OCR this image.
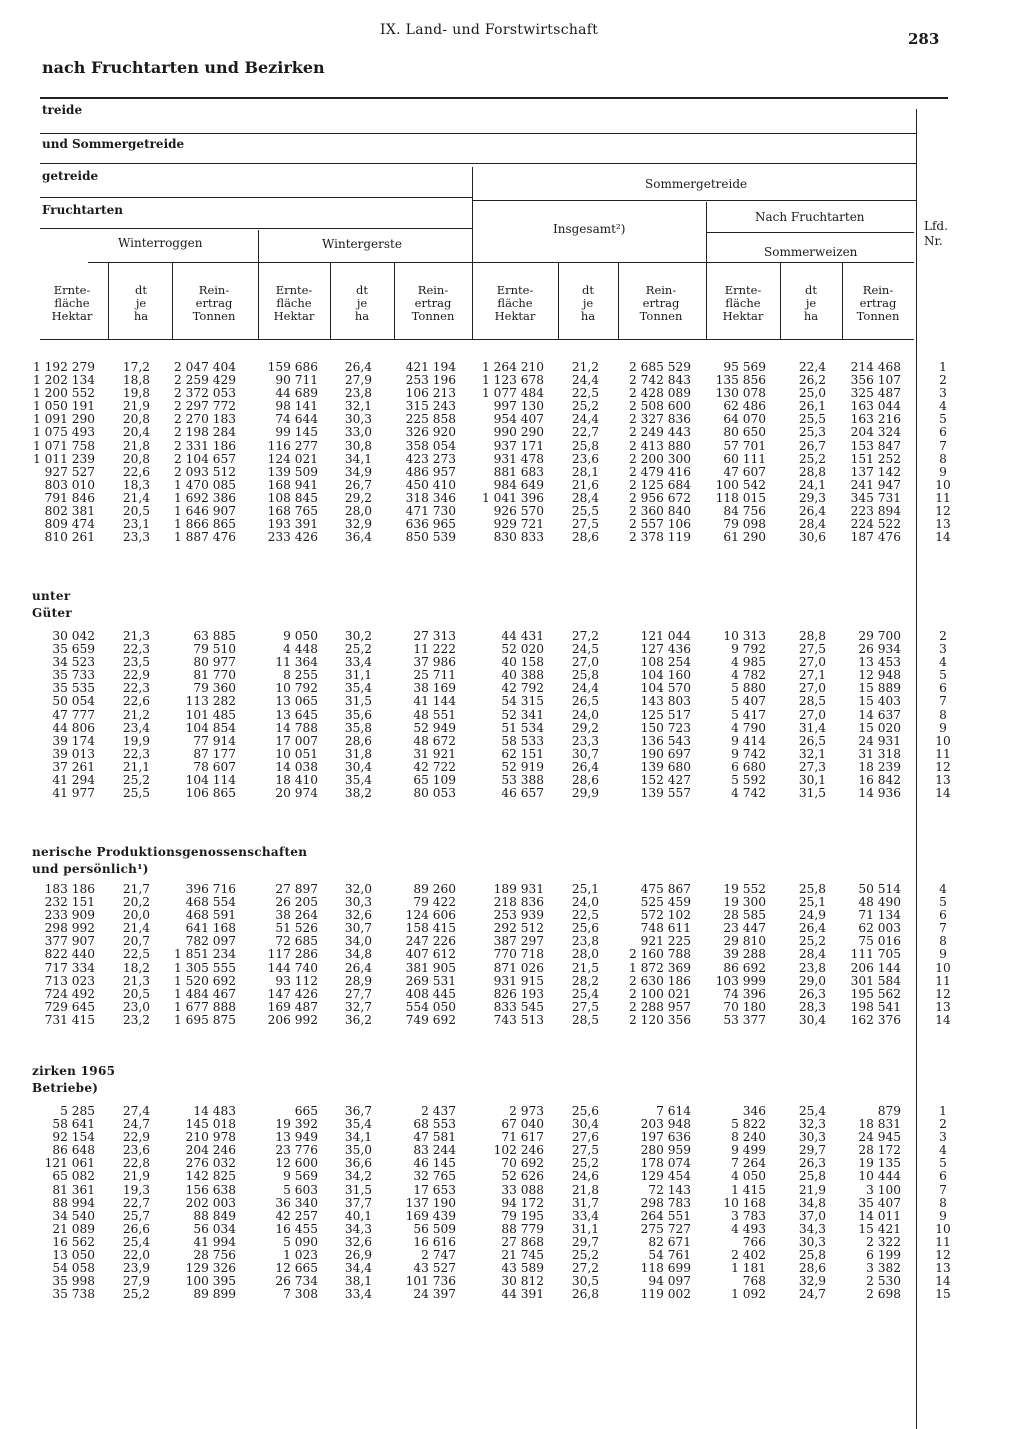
IX. Land- und Forstwirtschaft	283
nach Fruchtarten und Bezirken
treide
und Sommergetreide
getreide
Fruchtarten
Sommergetreide
Insgesamt²)
Nach Fruchtarten
Sommerweizen
Winterroggen	Wintergerste
Lfd. Nr.
Ernte-
fläche
Hektar
dt
je
ha
Rein-
ertrag
Tonnen
Ernte-
fläche
Hektar
dt
je
ha
Rein-
ertrag
Tonnen
Ernte-
fläche
Hektar
dt
je
ha
Rein-
ertrag
Tonnen
Ernte-
fläche
Hektar
dt
je
ha
Rein-
ertrag
Tonnen
1 192 279
1 202 134
1 200 552
1 050 191
1 091 290
1 075 493
1 071 758
1 011 239
927 527
803 010
791 846
802 381
809 474
810 261
17,2
18,8
19,8
21,9
20,8
20,4
21,8
20,8
22,6
18,3
21,4
20,5
23,1
23,3
2 047 404
2 259 429
2 372 053
2 297 772
2 270 183
2 198 284
2 331 186
2 104 657
2 093 512
1 470 085
1 692 386
1 646 907
1 866 865
1 887 476
159 686
90 711
44 689
98 141
74 644
99 145
116 277
124 021
139 509
168 941
108 845
168 765
193 391
233 426
26,4
27,9
23,8
32,1
30,3
33,0
30,8
34,1
34,9
26,7
29,2
28,0
32,9
36,4
421 194
253 196
106 213
315 243
225 858
326 920
358 054
423 273
486 957
450 410
318 346
471 730
636 965
850 539
1 264 210
1 123 678
1 077 484
997 130
954 407
990 290
937 171
931 478
881 683
984 649
1 041 396
926 570
929 721
830 833
21,2
24,4
22,5
25,2
24,4
22,7
25,8
23,6
28,1
21,6
28,4
25,5
27,5
28,6
2 685 529
2 742 843
2 428 089
2 508 600
2 327 836
2 249 443
2 413 880
2 200 300
2 479 416
2 125 684
2 956 672
2 360 840
2 557 106
2 378 119
95 569
135 856
130 078
62 486
64 070
80 650
57 701
60 111
47 607
100 542
118 015
84 756
79 098
61 290
22,4
26,2
25,0
26,1
25,5
25,3
26,7
25,2
28,8
24,1
29,3
26,4
28,4
30,6
214 468
356 107
325 487
163 044
163 216
204 324
153 847
151 252
137 142
241 947
345 731
223 894
224 522
187 476
1
2
3
4
5
6
7
8
9
10
11
12
13
14
unter
Güter
30 042
35 659
34 523
35 733
35 535
50 054
47 777
44 806
39 174
39 013
37 261
41 294
41 977
21,3
22,3
23,5
22,9
22,3
22,6
21,2
23,4
19,9
22,3
21,1
25,2
25,5
63 885
79 510
80 977
81 770
79 360
113 282
101 485
104 854
77 914
87 177
78 607
104 114
106 865
9 050
4 448
11 364
8 255
10 792
13 065
13 645
14 788
17 007
10 051
14 038
18 410
20 974
30,2
25,2
33,4
31,1
35,4
31,5
35,6
35,8
28,6
31,8
30,4
35,4
38,2
27 313
11 222
37 986
25 711
38 169
41 144
48 551
52 949
48 672
31 921
42 722
65 109
80 053
44 431
52 020
40 158
40 388
42 792
54 315
52 341
51 534
58 533
62 151
52 919
53 388
46 657
27,2
24,5
27,0
25,8
24,4
26,5
24,0
29,2
23,3
30,7
26,4
28,6
29,9
121 044
127 436
108 254
104 160
104 570
143 803
125 517
150 723
136 543
190 697
139 680
152 427
139 557
10 313
9 792
4 985
4 782
5 880
5 407
5 417
4 790
9 414
9 742
6 680
5 592
4 742
28,8
27,5
27,0
27,1
27,0
28,5
27,0
31,4
26,5
32,1
27,3
30,1
31,5
29 700
26 934
13 453
12 948
15 889
15 403
14 637
15 020
24 931
31 318
18 239
16 842
14 936
2
3
4
5
6
7
8
9
10
11
12
13
14
nerische Produktionsgenossenschaften
und persönlich¹)
183 186
232 151
233 909
298 992
377 907
822 440
717 334
713 023
724 492
729 645
731 415
21,7
20,2
20,0
21,4
20,7
22,5
18,2
21,3
20,5
23,0
23,2
396 716
468 554
468 591
641 168
782 097
1 851 234
1 305 555
1 520 692
1 484 467
1 677 888
1 695 875
27 897
26 205
38 264
51 526
72 685
117 286
144 740
93 112
147 426
169 487
206 992
32,0
30,3
32,6
30,7
34,0
34,8
26,4
28,9
27,7
32,7
36,2
89 260
79 422
124 606
158 415
247 226
407 612
381 905
269 531
408 445
554 050
749 692
189 931
218 836
253 939
292 512
387 297
770 718
871 026
931 915
826 193
833 545
743 513
25,1
24,0
22,5
25,6
23,8
28,0
21,5
28,2
25,4
27,5
28,5
475 867
525 459
572 102
748 611
921 225
2 160 788
1 872 369
2 630 186
2 100 021
2 288 957
2 120 356
19 552
19 300
28 585
23 447
29 810
39 288
86 692
103 999
74 396
70 180
53 377
25,8
25,1
24,9
26,4
25,2
28,4
23,8
29,0
26,3
28,3
30,4
50 514
48 490
71 134
62 003
75 016
111 705
206 144
301 584
195 562
198 541
162 376
4
5
6
7
8
9
10
11
12
13
14
zirken 1965
Betriebe)
5 285
58 641
92 154
86 648
121 061
65 082
81 361
88 994
34 540
21 089
16 562
13 050
54 058
35 998
35 738
27,4
24,7
22,9
23,6
22,8
21,9
19,3
22,7
25,7
26,6
25,4
22,0
23,9
27,9
25,2
14 483
145 018
210 978
204 246
276 032
142 825
156 638
202 003
88 849
56 034
41 994
28 756
129 326
100 395
89 899
665
19 392
13 949
23 776
12 600
9 569
5 603
36 340
42 257
16 455
5 090
1 023
12 665
26 734
7 308
36,7
35,4
34,1
35,0
36,6
34,2
31,5
37,7
40,1
34,3
32,6
26,9
34,4
38,1
33,4
2 437
68 553
47 581
83 244
46 145
32 765
17 653
137 190
169 439
56 509
16 616
2 747
43 527
101 736
24 397
2 973
67 040
71 617
102 246
70 692
52 626
33 088
94 172
79 195
88 779
27 868
21 745
43 589
30 812
44 391
25,6
30,4
27,6
27,5
25,2
24,6
21,8
31,7
33,4
31,1
29,7
25,2
27,2
30,5
26,8
7 614
203 948
197 636
280 959
178 074
129 454
72 143
298 783
264 551
275 727
82 671
54 761
118 699
94 097
119 002
346
5 822
8 240
9 499
7 264
4 050
1 415
10 168
3 783
4 493
766
2 402
1 181
768
1 092
25,4
32,3
30,3
29,7
26,3
25,8
21,9
34,8
37,0
34,3
30,3
25,8
28,6
32,9
24,7
879
18 831
24 945
28 172
19 135
10 444
3 100
35 407
14 011
15 421
2 322
6 199
3 382
2 530
2 698
1
2
3
4
5
6
7
8
9
10
11
12
13
14
15
